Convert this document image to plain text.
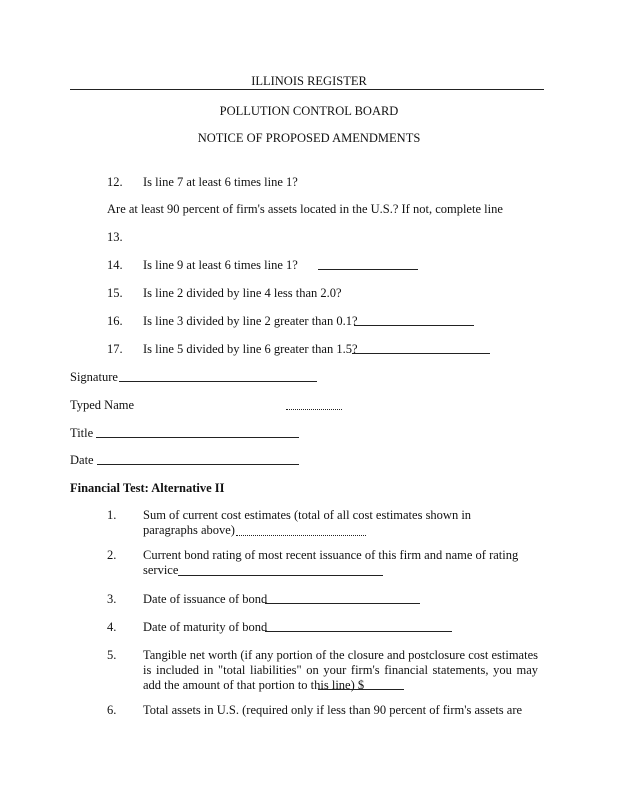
ILLINOIS REGISTER
POLLUTION CONTROL BOARD
NOTICE OF PROPOSED AMENDMENTS
12. Is line 7 at least 6 times line 1?
Are at least 90 percent of firm's assets located in the U.S.? If not, complete line
13.
14. Is line 9 at least 6 times line 1?
15. Is line 2 divided by line 4 less than 2.0?
16. Is line 3 divided by line 2 greater than 0.1?
17. Is line 5 divided by line 6 greater than 1.5?
Signature
Typed Name
Title
Date
Financial Test: Alternative II
1. Sum of current cost estimates (total of all cost estimates shown in paragraphs above)
2. Current bond rating of most recent issuance of this firm and name of rating service
3. Date of issuance of bond
4. Date of maturity of bond
5. Tangible net worth (if any portion of the closure and postclosure cost estimates is included in "total liabilities" on your firm's financial statements, you may add the amount of that portion to this line) $
6. Total assets in U.S. (required only if less than 90 percent of firm's assets are
